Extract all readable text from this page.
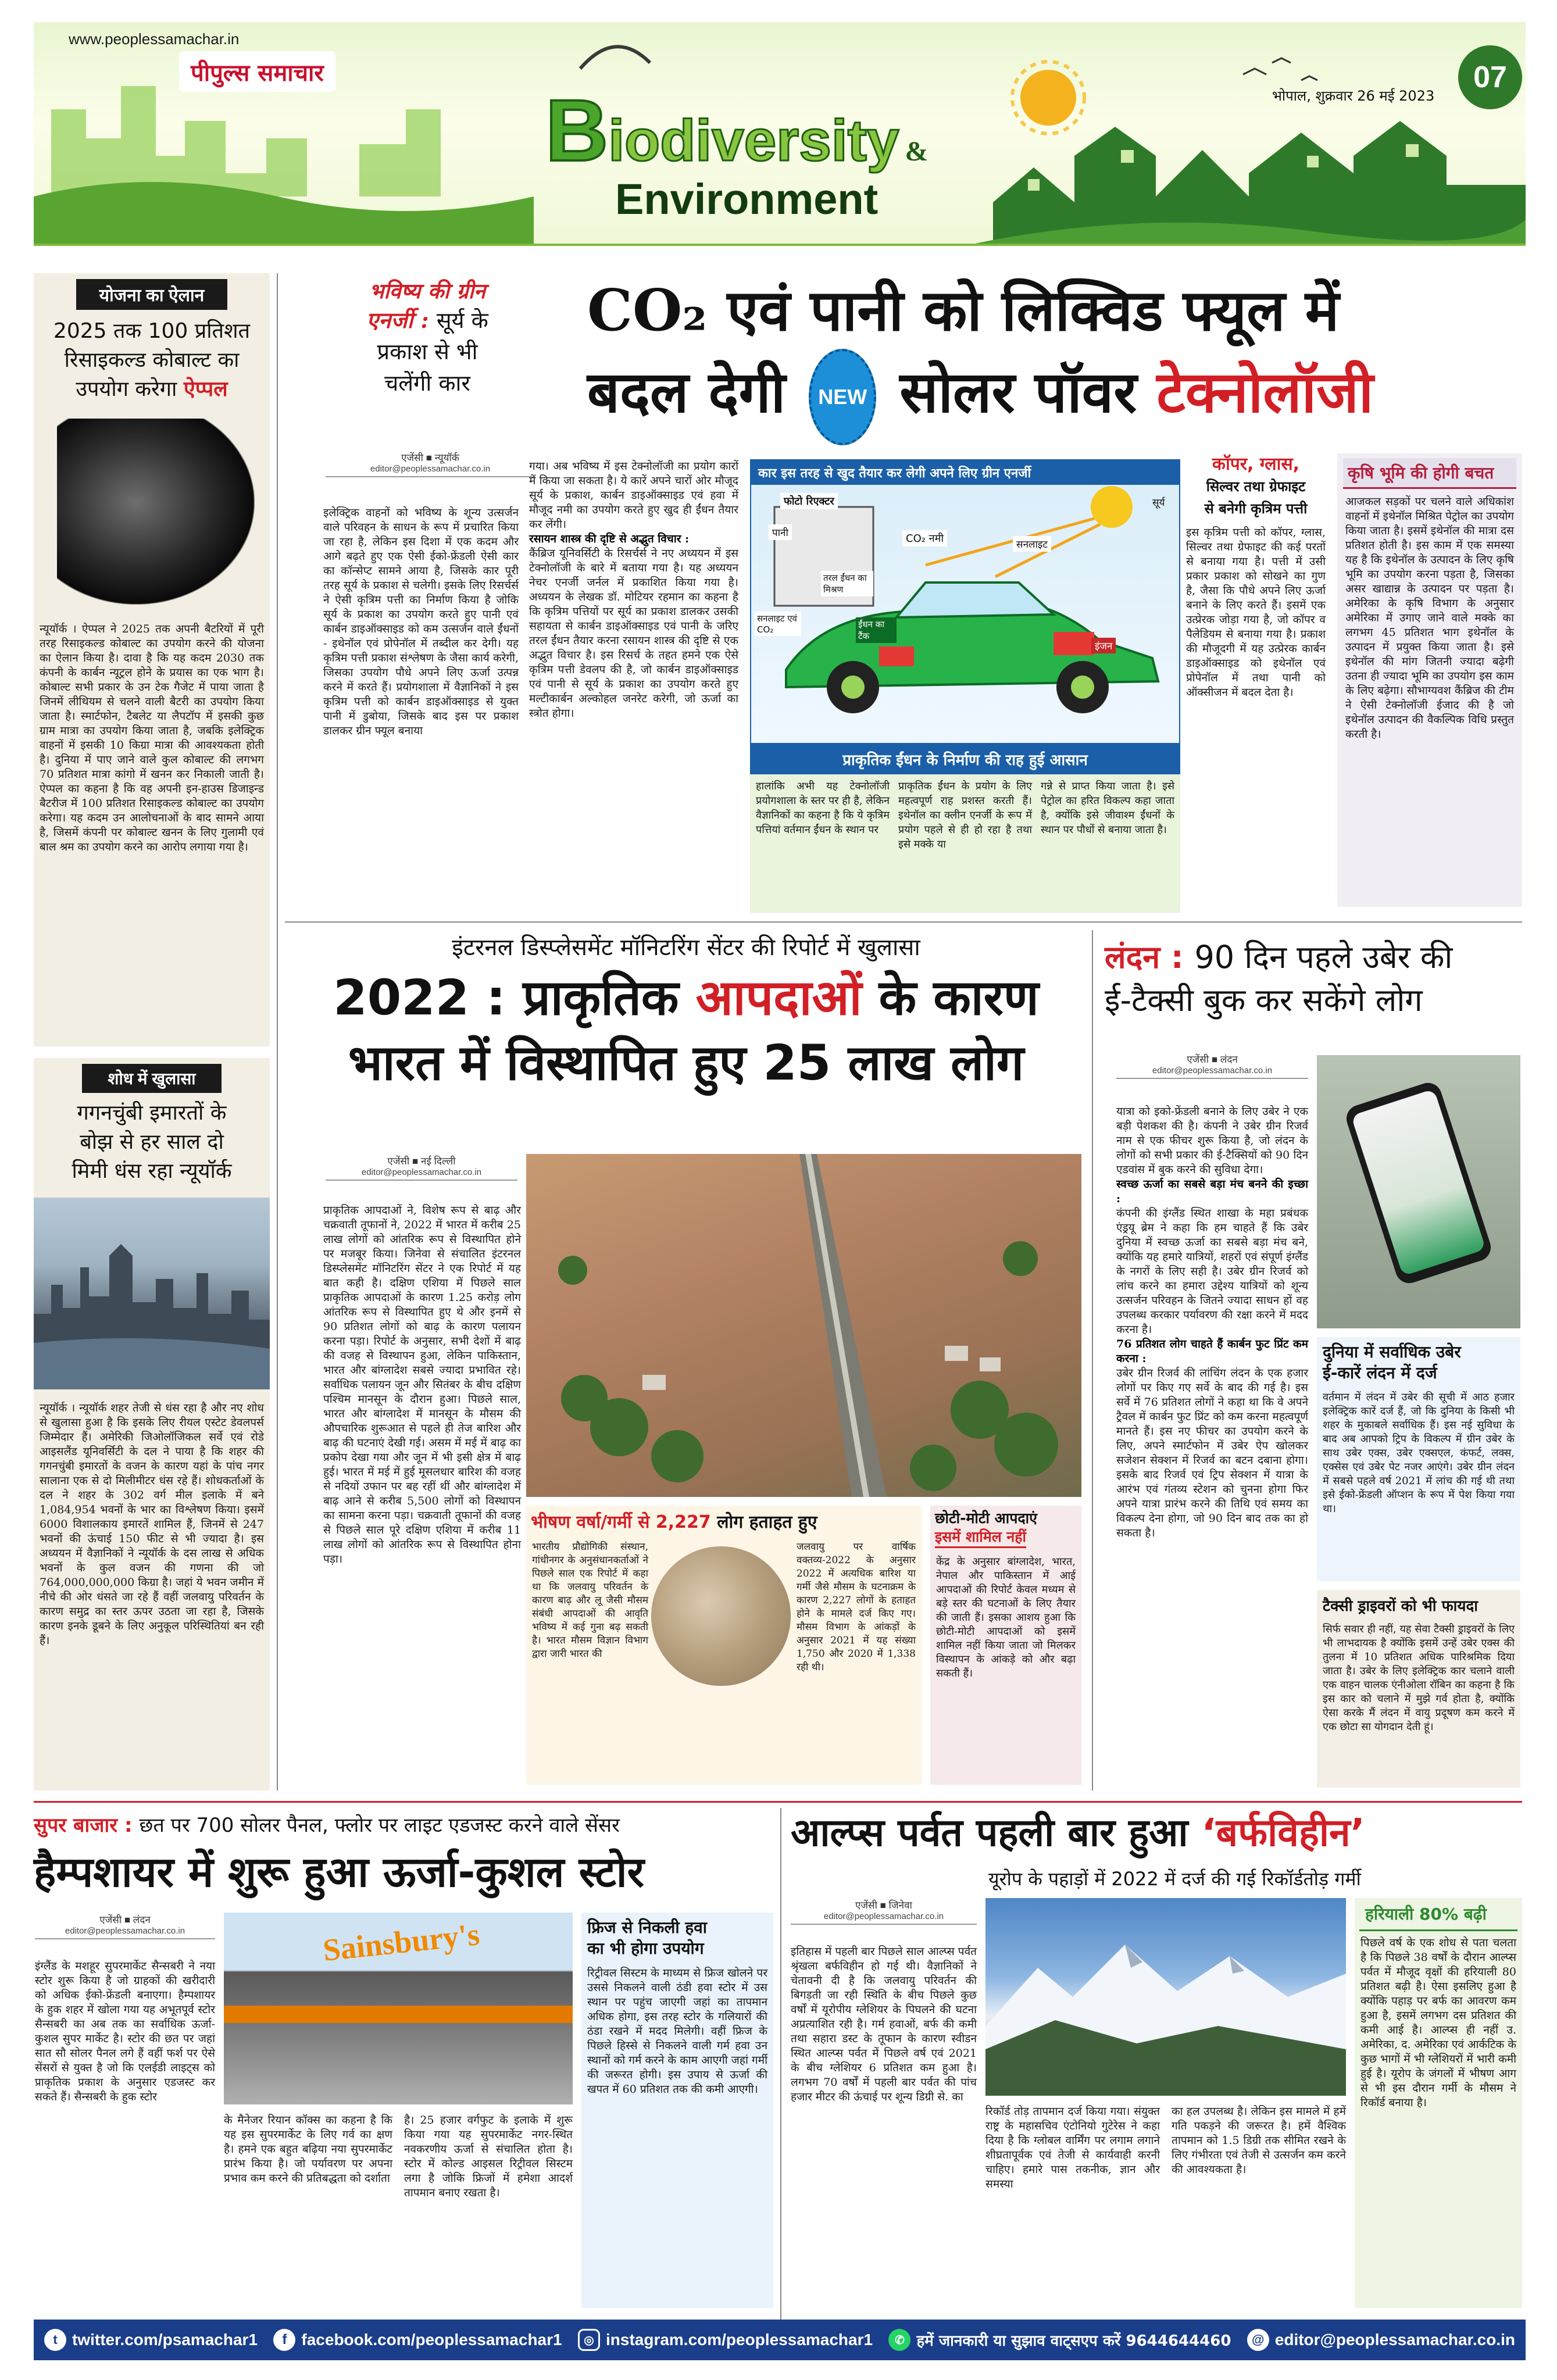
www.peoplessamachar.in
पीपुल्स समाचार
Biodiversity &
Environment
भोपाल, शुक्रवार 26 मई 2023
07
योजना का ऐलान
2025 तक 100 प्रतिशत
रिसाइकल्ड कोबाल्ट का
उपयोग करेगा ऐप्पल
न्यूयॉर्क । ऐप्पल ने 2025 तक अपनी बैटरियों में पूरी तरह रिसाइकल्ड कोबाल्ट का उपयोग करने की योजना का ऐलान किया है। दावा है कि यह कदम 2030 तक कंपनी के कार्बन न्यूट्रल होने के प्रयास का एक भाग है। कोबाल्ट सभी प्रकार के उन टेक गैजेट में पाया जाता है जिनमें लीथियम से चलने वाली बैटरी का उपयोग किया जाता है। स्मार्टफोन, टैबलेट या लैपटॉप में इसकी कुछ ग्राम मात्रा का उपयोग किया जाता है, जबकि इलेक्ट्रिक वाहनों में इसकी 10 किग्रा मात्रा की आवश्यकता होती है। दुनिया में पाए जाने वाले कुल कोबाल्ट की लगभग 70 प्रतिशत मात्रा कांगो में खनन कर निकाली जाती है। ऐप्पल का कहना है कि वह अपनी इन-हाउस डिजाइन्ड बैटरीज में 100 प्रतिशत रिसाइकल्ड कोबाल्ट का उपयोग करेगा। यह कदम उन आलोचनाओं के बाद सामने आया है, जिसमें कंपनी पर कोबाल्ट खनन के लिए गुलामी एवं बाल श्रम का उपयोग करने का आरोप लगाया गया है।
शोध में खुलासा
गगनचुंबी इमारतों के
बोझ से हर साल दो
मिमी धंस रहा न्यूयॉर्क
न्यूयॉर्क । न्यूयॉर्क शहर तेजी से धंस रहा है और नए शोध से खुलासा हुआ है कि इसके लिए रीयल एस्टेट डेवलपर्स जिम्मेदार हैं। अमेरिकी जिओलॉजिकल सर्वे एवं रोडे आइसलैंड यूनिवर्सिटी के दल ने पाया है कि शहर की गगनचुंबी इमारतों के वजन के कारण यहां के पांच नगर सालाना एक से दो मिलीमीटर धंस रहे हैं। शोधकर्ताओं के दल ने शहर के 302 वर्ग मील इलाके में बने 1,084,954 भवनों के भार का विश्लेषण किया। इसमें 6000 विशालकाय इमारतें शामिल हैं, जिनमें से 247 भवनों की ऊंचाई 150 फीट से भी ज्यादा है। इस अध्ययन में वैज्ञानिकों ने न्यूयॉर्क के दस लाख से अधिक भवनों के कुल वजन की गणना की जो 764,000,000,000 किग्रा है। जहां ये भवन जमीन में नीचे की ओर धंसते जा रहे हैं वहीं जलवायु परिवर्तन के कारण समुद्र का स्तर ऊपर उठता जा रहा है, जिसके कारण इनके डूबने के लिए अनुकूल परिस्थितियां बन रही हैं।
भविष्य की ग्रीन
एनर्जी : सूर्य के
प्रकाश से भी
चलेंगी कार
एजेंसी ■ न्यूयॉर्क
editor@peoplessamachar.co.in
CO₂ एवं पानी को लिक्विड फ्यूल में
बदल देगी NEW सोलर पॉवर टेक्नोलॉजी
इलेक्ट्रिक वाहनों को भविष्य के शून्य उत्सर्जन वाले परिवहन के साधन के रूप में प्रचारित किया जा रहा है, लेकिन इस दिशा में एक कदम और आगे बढ़ते हुए एक ऐसी ईको-फ्रेंडली ऐसी कार का कॉन्सेप्ट सामने आया है, जिसके कार पूरी तरह सूर्य के प्रकाश से चलेगी। इसके लिए रिसर्चर्स ने ऐसी कृत्रिम पत्ती का निर्माण किया है जोकि सूर्य के प्रकाश का उपयोग करते हुए पानी एवं कार्बन डाइऑक्साइड को कम उत्सर्जन वाले ईंधनों - इथेनॉल एवं प्रोपेनॉल में तब्दील कर देगी। यह कृत्रिम पत्ती प्रकाश संश्लेषण के जैसा कार्य करेगी, जिसका उपयोग पौधे अपने लिए ऊर्जा उत्पन्न करने में करते हैं। प्रयोगशाला में वैज्ञानिकों ने इस कृत्रिम पत्ती को कार्बन डाइऑक्साइड से युक्त पानी में डुबोया, जिसके बाद इस पर प्रकाश डालकर ग्रीन फ्यूल बनाया
गया। अब भविष्य में इस टेक्नोलॉजी का प्रयोग कारों में किया जा सकता है। ये कारें अपने चारों ओर मौजूद सूर्य के प्रकाश, कार्बन डाइऑक्साइड एवं हवा में मौजूद नमी का उपयोग करते हुए खुद ही ईंधन तैयार कर लेंगी।
रसायन शास्त्र की दृष्टि से अद्भुत विचार :
कैंब्रिज यूनिवर्सिटी के रिसर्चर्स ने नए अध्ययन में इस टेक्नोलॉजी के बारे में बताया गया है। यह अध्ययन नेचर एनर्जी जर्नल में प्रकाशित किया गया है। अध्ययन के लेखक डॉ. मोटियर रहमान का कहना है कि कृत्रिम पत्तियों पर सूर्य का प्रकाश डालकर उसकी सहायता से कार्बन डाइऑक्साइड एवं पानी के जरिए तरल ईंधन तैयार करना रसायन शास्त्र की दृष्टि से एक अद्भुत विचार है। इस रिसर्च के तहत हमने एक ऐसे कृत्रिम पत्ती डेवलप की है, जो कार्बन डाइऑक्साइड एवं पानी से सूर्य के प्रकाश का उपयोग करते हुए मल्टीकार्बन अल्कोहल जनरेट करेगी, जो ऊर्जा का स्त्रोत होगा।
कार इस तरह से खुद तैयार कर लेगी अपने लिए ग्रीन एनर्जी
फोटो रिएक्टर
पानी	CO₂ नमी	सनलाइट
सूर्य
तरल ईंधन का मिश्रण
सनलाइट एवं CO₂	ईंधन का टैंक
इंजन
प्राकृतिक ईंधन के निर्माण की राह हुई आसान
हालांकि अभी यह टेक्नोलॉजी प्रयोगशाला के स्तर पर ही है, लेकिन वैज्ञानिकों का कहना है कि ये कृत्रिम पत्तियां वर्तमान ईंधन के स्थान पर
प्राकृतिक ईंधन के प्रयोग के लिए महत्वपूर्ण राह प्रशस्त करती हैं। इथेनॉल का क्लीन एनर्जी के रूप में प्रयोग पहले से ही हो रहा है तथा इसे मक्के या
गन्ने से प्राप्त किया जाता है। इसे पेट्रोल का हरित विकल्प कहा जाता है, क्योंकि इसे जीवाश्म ईंधनों के स्थान पर पौधों से बनाया जाता है।
कॉपर, ग्लास,
सिल्वर तथा ग्रेफाइट
से बनेगी कृत्रिम पत्ती
इस कृत्रिम पत्ती को कॉपर, ग्लास, सिल्वर तथा ग्रेफाइट की कई परतों से बनाया गया है। पत्ती में उसी प्रकार प्रकाश को सोखने का गुण है, जैसा कि पौधे अपने लिए ऊर्जा बनाने के लिए करते हैं। इसमें एक उत्प्रेरक जोड़ा गया है, जो कॉपर व पैलेडियम से बनाया गया है। प्रकाश की मौजूदगी में यह उत्प्रेरक कार्बन डाइऑक्साइड को इथेनॉल एवं प्रोपेनॉल में तथा पानी को ऑक्सीजन में बदल देता है।
कृषि भूमि की होगी बचत
आजकल सड़कों पर चलने वाले अधिकांश वाहनों में इथेनॉल मिश्रित पेट्रोल का उपयोग किया जाता है। इसमें इथेनॉल की मात्रा दस प्रतिशत होती है। इस काम में एक समस्या यह है कि इथेनॉल के उत्पादन के लिए कृषि भूमि का उपयोग करना पड़ता है, जिसका असर खाद्यान्न के उत्पादन पर पड़ता है। अमेरिका के कृषि विभाग के अनुसार अमेरिका में उगाए जाने वाले मक्के का लगभग 45 प्रतिशत भाग इथेनॉल के उत्पादन में प्रयुक्त किया जाता है। इसे इथेनॉल की मांग जितनी ज्यादा बढ़ेगी उतना ही ज्यादा भूमि का उपयोग इस काम के लिए बढ़ेगा। सौभाग्यवश कैंब्रिज की टीम ने ऐसी टेक्नोलॉजी ईजाद की है जो इथेनॉल उत्पादन की वैकल्पिक विधि प्रस्तुत करती है।
इंटरनल डिस्प्लेसमेंट मॉनिटरिंग सेंटर की रिपोर्ट में खुलासा
2022 : प्राकृतिक आपदाओं के कारण
भारत में विस्थापित हुए 25 लाख लोग
एजेंसी ■ नई दिल्ली
editor@peoplessamachar.co.in
प्राकृतिक आपदाओं ने, विशेष रूप से बाढ़ और चक्रवाती तूफानों ने, 2022 में भारत में करीब 25 लाख लोगों को आंतरिक रूप से विस्थापित होने पर मजबूर किया। जिनेवा से संचालित इंटरनल डिस्प्लेसमेंट मॉनिटरिंग सेंटर ने एक रिपोर्ट में यह बात कही है। दक्षिण एशिया में पिछले साल प्राकृतिक आपदाओं के कारण 1.25 करोड़ लोग आंतरिक रूप से विस्थापित हुए थे और इनमें से 90 प्रतिशत लोगों को बाढ़ के कारण पलायन करना पड़ा। रिपोर्ट के अनुसार, सभी देशों में बाढ़ की वजह से विस्थापन हुआ, लेकिन पाकिस्तान, भारत और बांग्लादेश सबसे ज्यादा प्रभावित रहे। सर्वाधिक पलायन जून और सितंबर के बीच दक्षिण पश्चिम मानसून के दौरान हुआ। पिछले साल, भारत और बांग्लादेश में मानसून के मौसम की औपचारिक शुरूआत से पहले ही तेज बारिश और बाढ़ की घटनाएं देखी गई। असम में मई में बाढ़ का प्रकोप देखा गया और जून में भी इसी क्षेत्र में बाढ़ हुई। भारत में मई में हुई मूसलधार बारिश की वजह से नदियों उफान पर बह रहीं थीं और बांग्लादेश में बाढ़ आने से करीब 5,500 लोगों को विस्थापन का सामना करना पड़ा। चक्रवाती तूफानों की वजह से पिछले साल पूरे दक्षिण एशिया में करीब 11 लाख लोगों को आंतरिक रूप से विस्थापित होना पड़ा।
भीषण वर्षा/गर्मी से 2,227 लोग हताहत हुए
भारतीय प्रौद्योगिकी संस्थान, गांधीनगर के अनुसंधानकर्ताओं ने पिछले साल एक रिपोर्ट में कहा था कि जलवायु परिवर्तन के कारण बाढ़ और लू जैसी मौसम संबंधी आपदाओं की आवृति भविष्य में कई गुना बढ़ सकती है। भारत मौसम विज्ञान विभाग द्वारा जारी भारत की
जलवायु पर वार्षिक वक्तव्य-2022 के अनुसार 2022 में अत्यधिक बारिश या गर्मी जैसे मौसम के घटनाक्रम के कारण 2,227 लोगों के हताहत होने के मामले दर्ज किए गए। मौसम विभाग के आंकड़ों के अनुसार 2021 में यह संख्या 1,750 और 2020 में 1,338 रही थी।
छोटी-मोटी आपदाएं
इसमें शामिल नहीं
केंद्र के अनुसार बांग्लादेश, भारत, नेपाल और पाकिस्तान में आई आपदाओं की रिपोर्ट केवल मध्यम से बड़े स्तर की घटनाओं के लिए तैयार की जाती हैं। इसका आशय हुआ कि छोटी-मोटी आपदाओं को इसमें शामिल नहीं किया जाता जो मिलकर विस्थापन के आंकड़े को और बढ़ा सकती हैं।
लंदन : 90 दिन पहले उबेर की
ई-टैक्सी बुक कर सकेंगे लोग
एजेंसी ■ लंदन
editor@peoplessamachar.co.in
यात्रा को इको-फ्रेंडली बनाने के लिए उबेर ने एक बड़ी पेशकश की है। कंपनी ने उबेर ग्रीन रिजर्व नाम से एक फीचर शुरू किया है, जो लंदन के लोगों को सभी प्रकार की ई-टैक्सियों को 90 दिन एडवांस में बुक करने की सुविधा देगा।
स्वच्छ ऊर्जा का सबसे बड़ा मंच बनने की इच्छा :
कंपनी की इंग्लैंड स्थित शाखा के महा प्रबंधक एंड्रयू ब्रेम ने कहा कि हम चाहते हैं कि उबेर दुनिया में स्वच्छ ऊर्जा का सबसे बड़ा मंच बने, क्योंकि यह हमारे यात्रियों, शहरों एवं संपूर्ण इंग्लैंड के नगरों के लिए सही है। उबेर ग्रीन रिजर्व को लांच करने का हमारा उद्देश्य यात्रियों को शून्य उत्सर्जन परिवहन के जितने ज्यादा साधन हों वह उपलब्ध करकार पर्यावरण की रक्षा करने में मदद करना है।
76 प्रतिशत लोग चाहते हैं कार्बन फुट प्रिंट कम करना :
उबेर ग्रीन रिजर्व की लांचिंग लंदन के एक हजार लोगों पर किए गए सर्वे के बाद की गई है। इस सर्वे में 76 प्रतिशत लोगों ने कहा था कि वे अपने ट्रैवल में कार्बन फुट प्रिंट को कम करना महत्वपूर्ण मानते हैं। इस नए फीचर का उपयोग करने के लिए, अपने स्मार्टफोन में उबेर ऐप खोलकर सजेशन सेक्शन में रिजर्व का बटन दबाना होगा। इसके बाद रिजर्व एवं ट्रिप सेक्शन में यात्रा के आरंभ एवं गंतव्य स्टेशन को चुनना होगा फिर अपने यात्रा प्रारंभ करने की तिथि एवं समय का विकल्प देना होगा, जो 90 दिन बाद तक का हो सकता है।
दुनिया में सर्वाधिक उबेर
ई-कारें लंदन में दर्ज
वर्तमान में लंदन में उबेर की सूची में आठ हजार इलेक्ट्रिक कारें दर्ज हैं, जो कि दुनिया के किसी भी शहर के मुकाबले सर्वाधिक हैं। इस नई सुविधा के बाद अब आपको ट्रिप के विकल्प में ग्रीन उबेर के साथ उबेर एक्स, उबेर एक्सएल, कंफर्ट, लक्स, एक्सेस एवं उबेर पेट नजर आएंगे। उबेर ग्रीन लंदन में सबसे पहले वर्ष 2021 में लांच की गई थी तथा इसे ईको-फ्रेंडली ऑप्शन के रूप में पेश किया गया था।
टैक्सी ड्राइवरों को भी फायदा
सिर्फ सवार ही नहीं, यह सेवा टैक्सी ड्राइवरों के लिए भी लाभदायक है क्योंकि इसमें उन्हें उबेर एक्स की तुलना में 10 प्रतिशत अधिक पारिश्रमिक दिया जाता है। उबेर के लिए इलेक्ट्रिक कार चलाने वाली एक वाहन चालक एंनीओला रॉबिन का कहना है कि इस कार को चलाने में मुझे गर्व होता है, क्योंकि ऐसा करके मैं लंदन में वायु प्रदूषण कम करने में एक छोटा सा योगदान देती हूं।
सुपर बाजार : छत पर 700 सोलर पैनल, फ्लोर पर लाइट एडजस्ट करने वाले सेंसर
हैम्पशायर में शुरू हुआ ऊर्जा-कुशल स्टोर
एजेंसी ■ लंदन
editor@peoplessamachar.co.in
इंग्लैंड के मशहूर सुपरमार्केट सैन्सबरी ने नया स्टोर शुरू किया है जो ग्राहकों की खरीदारी को अधिक ईको-फ्रेंडली बनाएगा। हैम्पशायर के हुक शहर में खोला गया यह अभूतपूर्व स्टोर सैन्सबरी का अब तक का सर्वाधिक ऊर्जा-कुशल सुपर मार्केट है। स्टोर की छत पर जहां सात सौ सोलर पैनल लगे हैं वहीं फर्श पर ऐसे सेंसरों से युक्त है जो कि एलईडी लाइट्स को प्राकृतिक प्रकाश के अनुसार एडजस्ट कर सकते हैं। सैन्सबरी के हुक स्टोर
Sainsbury's
के मैनेजर रियान कॉक्स का कहना है कि यह इस सुपरमार्केट के लिए गर्व का क्षण है। हमने एक बहुत बढ़िया नया सुपरमार्केट प्रारंभ किया है। जो पर्यावरण पर अपना प्रभाव कम करने की प्रतिबद्धता को दर्शाता
है। 25 हजार वर्गफुट के इलाके में शुरू किया गया यह सुपरमार्केट नगर-स्थित नवकरणीय ऊर्जा से संचालित होता है। स्टोर में कोल्ड आइसल रिट्रीवल सिस्टम लगा है जोकि फ्रिजों में हमेशा आदर्श तापमान बनाए रखता है।
फ्रिज से निकली हवा
का भी होगा उपयोग
रिट्रीवल सिस्टम के माध्यम से फ्रिज खोलने पर उससे निकलने वाली ठंडी हवा स्टोर में उस स्थान पर पहुंच जाएगी जहां का तापमान अधिक होगा, इस तरह स्टोर के गलियारों की ठंडा रखने में मदद मिलेगी। वहीं फ्रिज के पिछले हिस्से से निकलने वाली गर्म हवा उन स्थानों को गर्म करने के काम आएगी जहां गर्मी की जरूरत होगी। इस उपाय से ऊर्जा की खपत में 60 प्रतिशत तक की कमी आएगी।
आल्प्स पर्वत पहली बार हुआ ‘बर्फविहीन’
यूरोप के पहाड़ों में 2022 में दर्ज की गई रिकॉर्डतोड़ गर्मी
एजेंसी ■ जिनेवा
editor@peoplessamachar.co.in
इतिहास में पहली बार पिछले साल आल्प्स पर्वत श्रृंखला बर्फविहीन हो गई थी। वैज्ञानिकों ने चेतावनी दी है कि जलवायु परिवर्तन की बिगड़ती जा रही स्थिति के बीच पिछले कुछ वर्षों में यूरोपीय ग्लेशियर के पिघलने की घटना अप्रत्याशित रही है। गर्म हवाओं, बर्फ की कमी तथा सहारा डस्ट के तूफान के कारण स्वीडन स्थित आल्प्स पर्वत में पिछले वर्ष एवं 2021 के बीच ग्लेशियर 6 प्रतिशत कम हुआ है। लगभग 70 वर्षों में पहली बार पर्वत की पांच हजार मीटर की ऊंचाई पर शून्य डिग्री से. का
रिकॉर्ड तोड़ तापमान दर्ज किया गया। संयुक्त राष्ट्र के महासचिव एंटोनियो गुटेरेस ने कहा दिया है कि ग्लोबल वार्मिंग पर लगाम लगाने शीघ्रतापूर्वक एवं तेजी से कार्यवाही करनी चाहिए। हमारे पास तकनीक, ज्ञान और समस्या
का हल उपलब्ध है। लेकिन इस मामले में हमें गति पकड़ने की जरूरत है। हमें वैश्विक तापमान को 1.5 डिग्री तक सीमित रखने के लिए गंभीरता एवं तेजी से उत्सर्जन कम करने की आवश्यकता है।
हरियाली 80% बढ़ी
पिछले वर्ष के एक शोध से पता चलता है कि पिछले 38 वर्षों के दौरान आल्प्स पर्वत में मौजूद वृक्षों की हरियाली 80 प्रतिशत बढ़ी है। ऐसा इसलिए हुआ है क्योंकि पहाड़ पर बर्फ का आवरण कम हुआ है, इसमें लगभग दस प्रतिशत की कमी आई है। आल्प्स ही नहीं उ. अमेरिका, द. अमेरिका एवं आर्कटिक के कुछ भागों में भी ग्लेशियरों में भारी कमी हुई है। यूरोप के जंगलों में भीषण आग से भी इस दौरान गर्मी के मौसम ने रिकॉर्ड बनाया है।
t twitter.com/psamachar1	f facebook.com/peoplessamachar1	◎ instagram.com/peoplessamachar1	✆ हमें जानकारी या सुझाव वाट्सएप करें 9644644460	@ editor@peoplessamachar.co.in
